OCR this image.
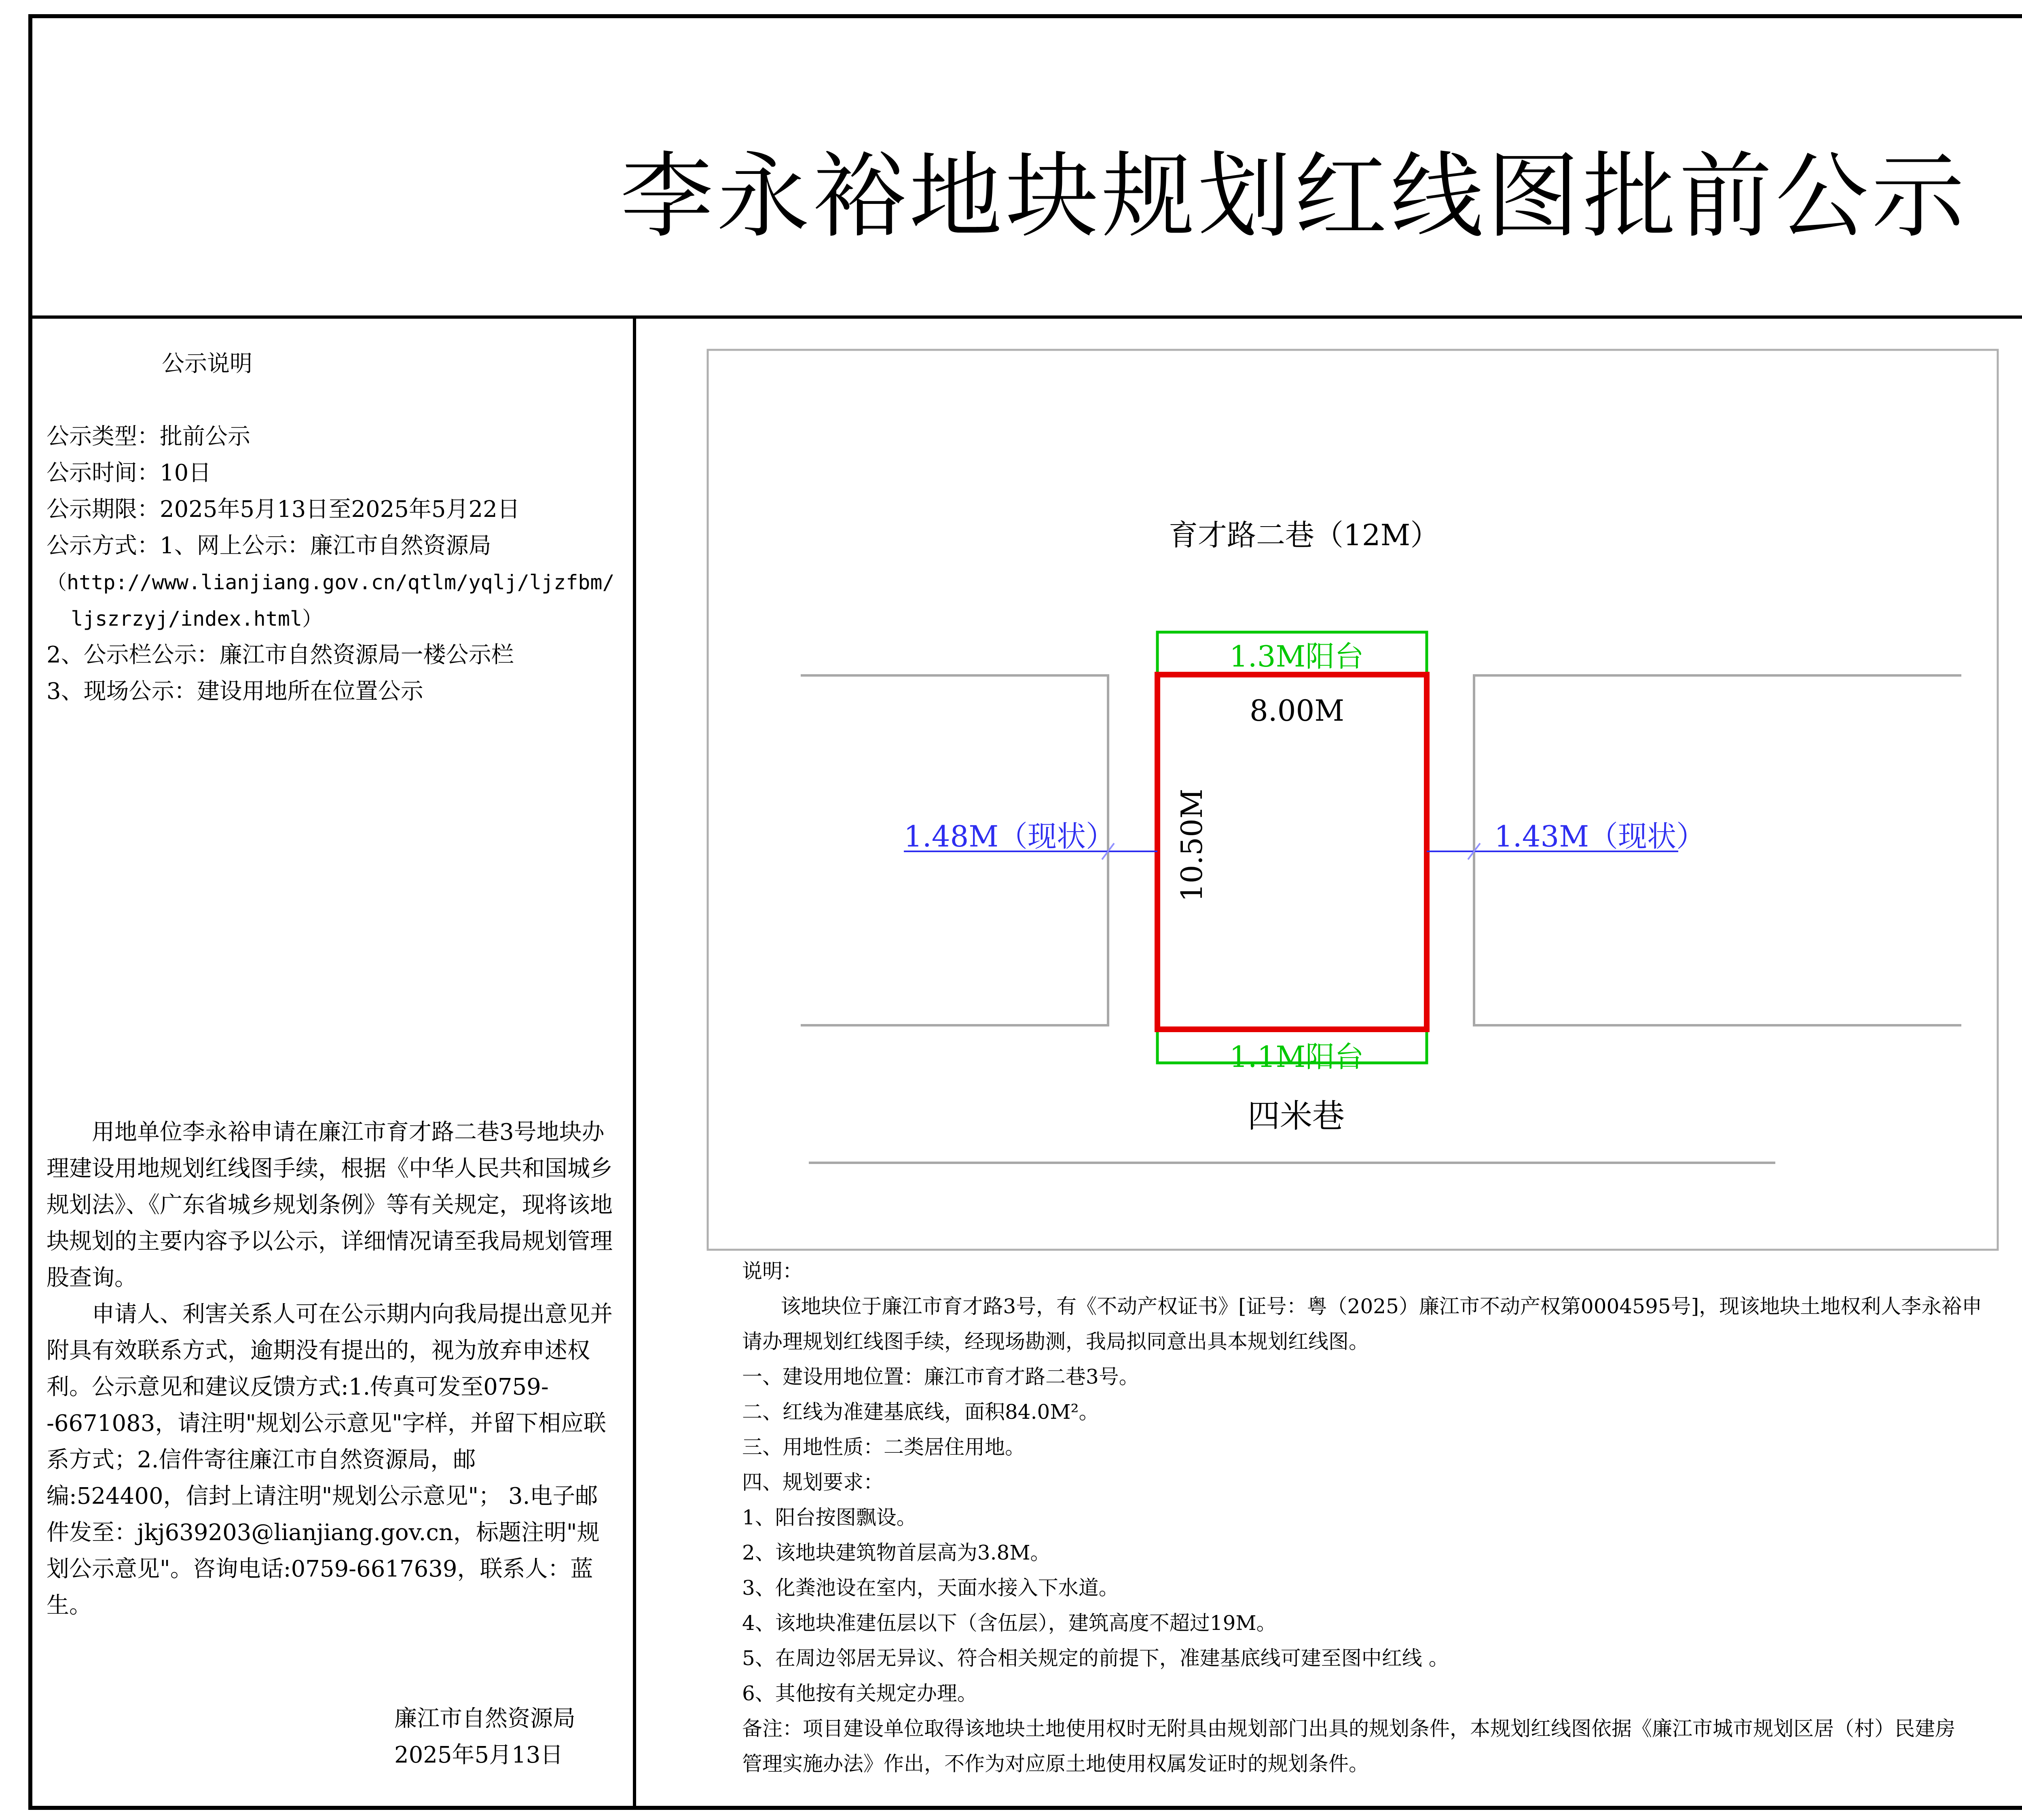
李永裕地块规划红线图批前公示
公示说明
公示类型：批前公示
公示时间：10日
公示期限：2025年5月13日至2025年5月22日
公示方式：1、网上公示：廉江市自然资源局
（http://www.lianjiang.gov.cn/qtlm/yqlj/ljzfbm/
ljszrzyj/index.html）
2、公示栏公示：廉江市自然资源局一楼公示栏
3、现场公示：建设用地所在位置公示
用地单位李永裕申请在廉江市育才路二巷3号地块办理建设用地规划红线图手续，根据《中华人民共和国城乡规划法》、《广东省城乡规划条例》等有关规定，现将该地块规划的主要内容予以公示，详细情况请至我局规划管理股查询。
申请人、利害关系人可在公示期内向我局提出意见并附具有效联系方式，逾期没有提出的，视为放弃申述权利。公示意见和建议反馈方式:1.传真可发至0759--6671083，请注明"规划公示意见"字样，并留下相应联系方式；2.信件寄往廉江市自然资源局，邮编:524400，信封上请注明"规划公示意见"； 3.电子邮件发至：jkj639203@lianjiang.gov.cn，标题注明"规划公示意见"。咨询电话:0759-6617639，联系人：蓝生。
廉江市自然资源局
2025年5月13日
育才路二巷（12M）
1.3M阳台
8.00M
10.50M
1.48M（现状）	1.43M（现状）
1.1M阳台
四米巷
说明：
该地块位于廉江市育才路3号，有《不动产权证书》[证号：粤（2025）廉江市不动产权第0004595号]，现该地块土地权利人李永裕申
请办理规划红线图手续，经现场勘测，我局拟同意出具本规划红线图。
一、建设用地位置：廉江市育才路二巷3号。
二、红线为准建基底线，面积84.0M²。
三、用地性质：二类居住用地。
四、规划要求：
1、阳台按图飘设。
2、该地块建筑物首层高为3.8M。
3、化粪池设在室内，天面水接入下水道。
4、该地块准建伍层以下（含伍层），建筑高度不超过19M。
5、在周边邻居无异议、符合相关规定的前提下，准建基底线可建至图中红线 。
6、其他按有关规定办理。
备注：项目建设单位取得该地块土地使用权时无附具由规划部门出具的规划条件，本规划红线图依据《廉江市城市规划区居（村）民建房
管理实施办法》作出，不作为对应原土地使用权属发证时的规划条件。
